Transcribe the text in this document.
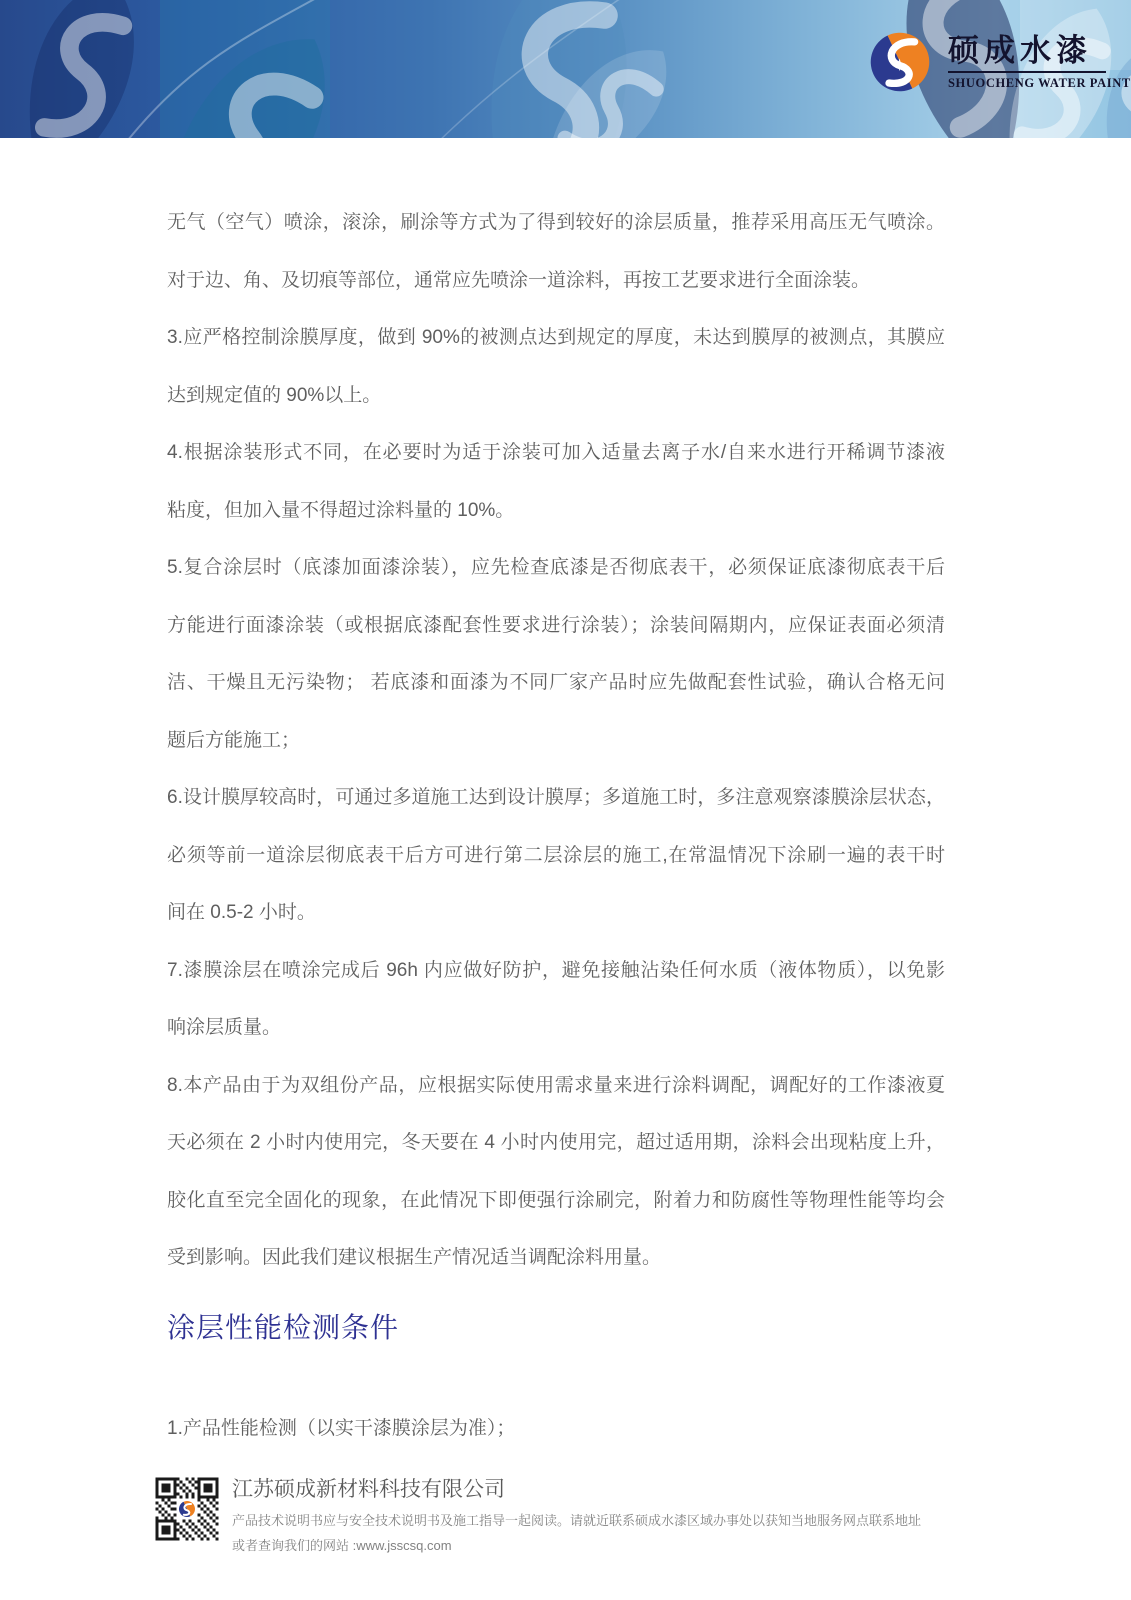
硕成水漆
SHUOCHENG WATER PAINT
无气（空气）喷涂，滚涂，刷涂等方式为了得到较好的涂层质量，推荐采用高压无气喷涂。
对于边、角、及切痕等部位，通常应先喷涂一道涂料，再按工艺要求进行全面涂装。
3.应严格控制涂膜厚度，做到 90%的被测点达到规定的厚度，未达到膜厚的被测点，其膜应
达到规定值的 90%以上。
4.根据涂装形式不同，在必要时为适于涂装可加入适量去离子水/自来水进行开稀调节漆液
粘度，但加入量不得超过涂料量的 10%。
5.复合涂层时（底漆加面漆涂装），应先检查底漆是否彻底表干，必须保证底漆彻底表干后
方能进行面漆涂装（或根据底漆配套性要求进行涂装）；涂装间隔期内，应保证表面必须清
洁、干燥且无污染物； 若底漆和面漆为不同厂家产品时应先做配套性试验，确认合格无问
题后方能施工；
6.设计膜厚较高时，可通过多道施工达到设计膜厚；多道施工时，多注意观察漆膜涂层状态，
必须等前一道涂层彻底表干后方可进行第二层涂层的施工,在常温情况下涂刷一遍的表干时
间在 0.5-2 小时。
7.漆膜涂层在喷涂完成后 96h 内应做好防护，避免接触沾染任何水质（液体物质），以免影
响涂层质量。
8.本产品由于为双组份产品，应根据实际使用需求量来进行涂料调配，调配好的工作漆液夏
天必须在 2 小时内使用完，冬天要在 4 小时内使用完，超过适用期，涂料会出现粘度上升，
胶化直至完全固化的现象，在此情况下即便强行涂刷完，附着力和防腐性等物理性能等均会
受到影响。因此我们建议根据生产情况适当调配涂料用量。
涂层性能检测条件
1.产品性能检测（以实干漆膜涂层为准）；
江苏硕成新材料科技有限公司
产品技术说明书应与安全技术说明书及施工指导一起阅读。请就近联系硕成水漆区域办事处以获知当地服务网点联系地址
或者查询我们的网站 :www.jsscsq.com
